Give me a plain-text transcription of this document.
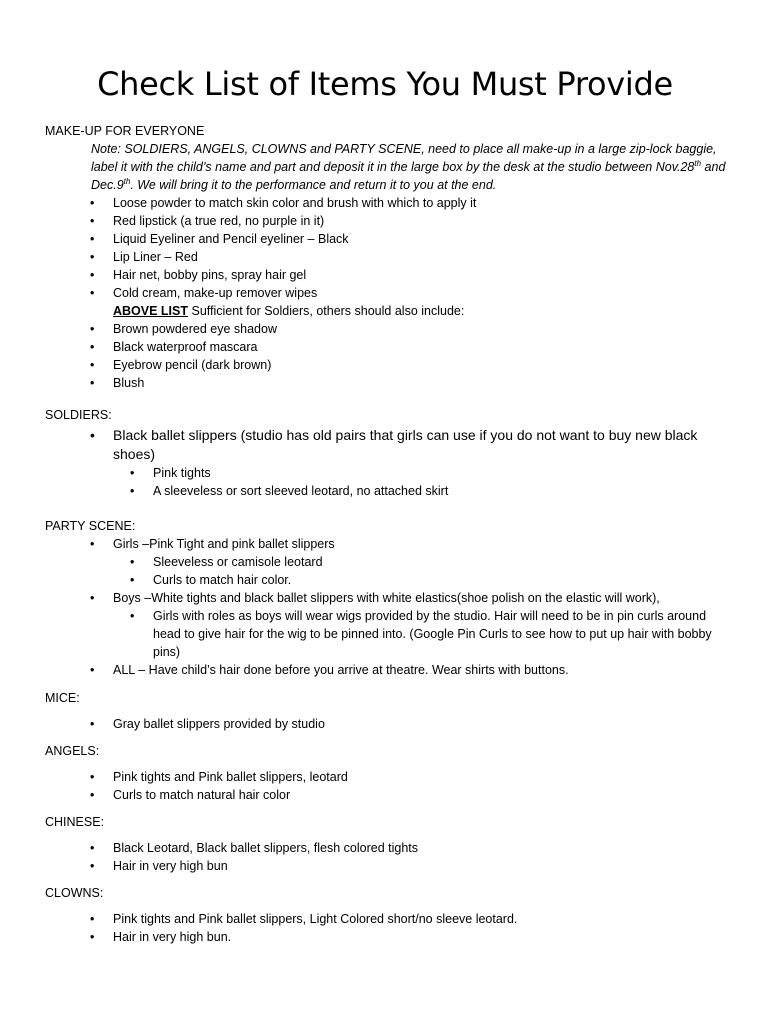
Check List of Items You Must Provide

MAKE-UP FOR EVERYONE

Note: SOLDIERS, ANGELS, CLOWNS and PARTY SCENE, need to place all make-up in a large zip-lock baggie, label it with the child’s name and part and deposit it in the large box by the desk at the studio between Nov.28th and Dec.9th. We will bring it to the performance and return it to you at the end.

• Loose powder to match skin color and brush with which to apply it
• Red lipstick (a true red, no purple in it)
• Liquid Eyeliner and Pencil eyeliner – Black
• Lip Liner – Red
• Hair net, bobby pins, spray hair gel
• Cold cream, make-up remover wipes
ABOVE LIST Sufficient for Soldiers, others should also include:
• Brown powdered eye shadow
• Black waterproof mascara
• Eyebrow pencil (dark brown)
• Blush

SOLDIERS:

• Black ballet slippers (studio has old pairs that girls can use if you do not want to buy new black shoes)
• Pink tights
• A sleeveless or sort sleeved leotard, no attached skirt

PARTY SCENE:

• Girls –Pink Tight and pink ballet slippers
• Sleeveless or camisole leotard
• Curls to match hair color.
• Boys –White tights and black ballet slippers with white elastics(shoe polish on the elastic will work),
• Girls with roles as boys will wear wigs provided by the studio. Hair will need to be in pin curls around head to give hair for the wig to be pinned into. (Google Pin Curls to see how to put up hair with bobby pins)
• ALL – Have child’s hair done before you arrive at theatre. Wear shirts with buttons.

MICE:

• Gray ballet slippers provided by studio

ANGELS:

• Pink tights and Pink ballet slippers, leotard
• Curls to match natural hair color

CHINESE:

• Black Leotard, Black ballet slippers, flesh colored tights
• Hair in very high bun

CLOWNS:

• Pink tights and Pink ballet slippers, Light Colored short/no sleeve leotard.
• Hair in very high bun.
